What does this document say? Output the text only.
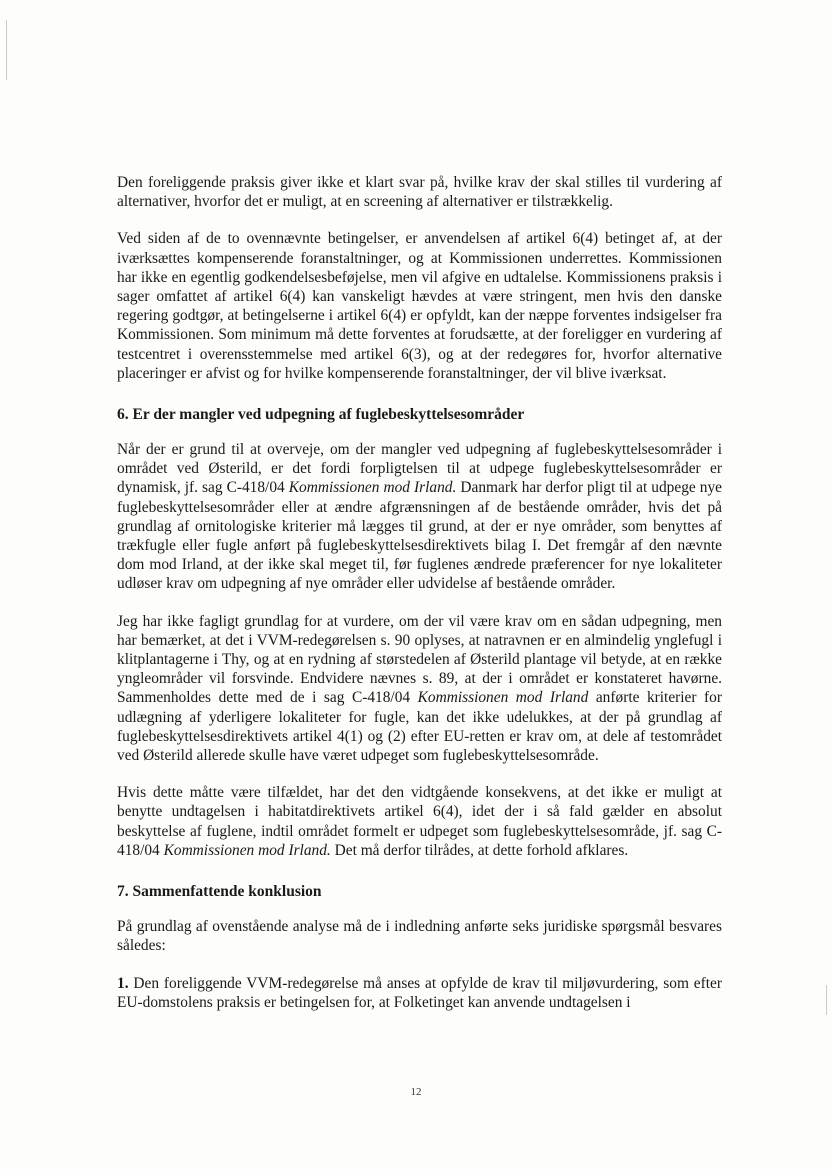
Den foreliggende praksis giver ikke et klart svar på, hvilke krav der skal stilles til vurdering af alternativer, hvorfor det er muligt, at en screening af alternativer er tilstrækkelig.

Ved siden af de to ovennævnte betingelser, er anvendelsen af artikel 6(4) betinget af, at der iværksættes kompenserende foranstaltninger, og at Kommissionen underrettes. Kommissionen har ikke en egentlig godkendelsesbeføjelse, men vil afgive en udtalelse. Kommissionens praksis i sager omfattet af artikel 6(4) kan vanskeligt hævdes at være stringent, men hvis den danske regering godtgør, at betingelserne i artikel 6(4) er opfyldt, kan der næppe forventes indsigelser fra Kommissionen. Som minimum må dette forventes at forudsætte, at der foreligger en vurdering af testcentret i overensstemmelse med artikel 6(3), og at der redegøres for, hvorfor alternative placeringer er afvist og for hvilke kompenserende foranstaltninger, der vil blive iværksat.

6. Er der mangler ved udpegning af fuglebeskyttelsesområder

Når der er grund til at overveje, om der mangler ved udpegning af fuglebeskyttelsesområder i området ved Østerild, er det fordi forpligtelsen til at udpege fuglebeskyttelsesområder er dynamisk, jf. sag C-418/04 Kommissionen mod Irland. Danmark har derfor pligt til at udpege nye fuglebeskyttelsesområder eller at ændre afgrænsningen af de bestående områder, hvis det på grundlag af ornitologiske kriterier må lægges til grund, at der er nye områder, som benyttes af trækfugle eller fugle anført på fuglebeskyttelsesdirektivets bilag I. Det fremgår af den nævnte dom mod Irland, at der ikke skal meget til, før fuglenes ændrede præferencer for nye lokaliteter udløser krav om udpegning af nye områder eller udvidelse af bestående områder.

Jeg har ikke fagligt grundlag for at vurdere, om der vil være krav om en sådan udpegning, men har bemærket, at det i VVM-redegørelsen s. 90 oplyses, at natravnen er en almindelig ynglefugl i klitplantagerne i Thy, og at en rydning af størstedelen af Østerild plantage vil betyde, at en række yngleområder vil forsvinde. Endvidere nævnes s. 89, at der i området er konstateret havørne. Sammenholdes dette med de i sag C-418/04 Kommissionen mod Irland anførte kriterier for udlægning af yderligere lokaliteter for fugle, kan det ikke udelukkes, at der på grundlag af fuglebeskyttelsesdirektivets artikel 4(1) og (2) efter EU-retten er krav om, at dele af testområdet ved Østerild allerede skulle have været udpeget som fuglebeskyttelsesområde.

Hvis dette måtte være tilfældet, har det den vidtgående konsekvens, at det ikke er muligt at benytte undtagelsen i habitatdirektivets artikel 6(4), idet der i så fald gælder en absolut beskyttelse af fuglene, indtil området formelt er udpeget som fuglebeskyttelsesområde, jf. sag C-418/04 Kommissionen mod Irland. Det må derfor tilrådes, at dette forhold afklares.

7. Sammenfattende konklusion

På grundlag af ovenstående analyse må de i indledning anførte seks juridiske spørgsmål besvares således:

1. Den foreliggende VVM-redegørelse må anses at opfylde de krav til miljøvurdering, som efter EU-domstolens praksis er betingelsen for, at Folketinget kan anvende undtagelsen i

12
